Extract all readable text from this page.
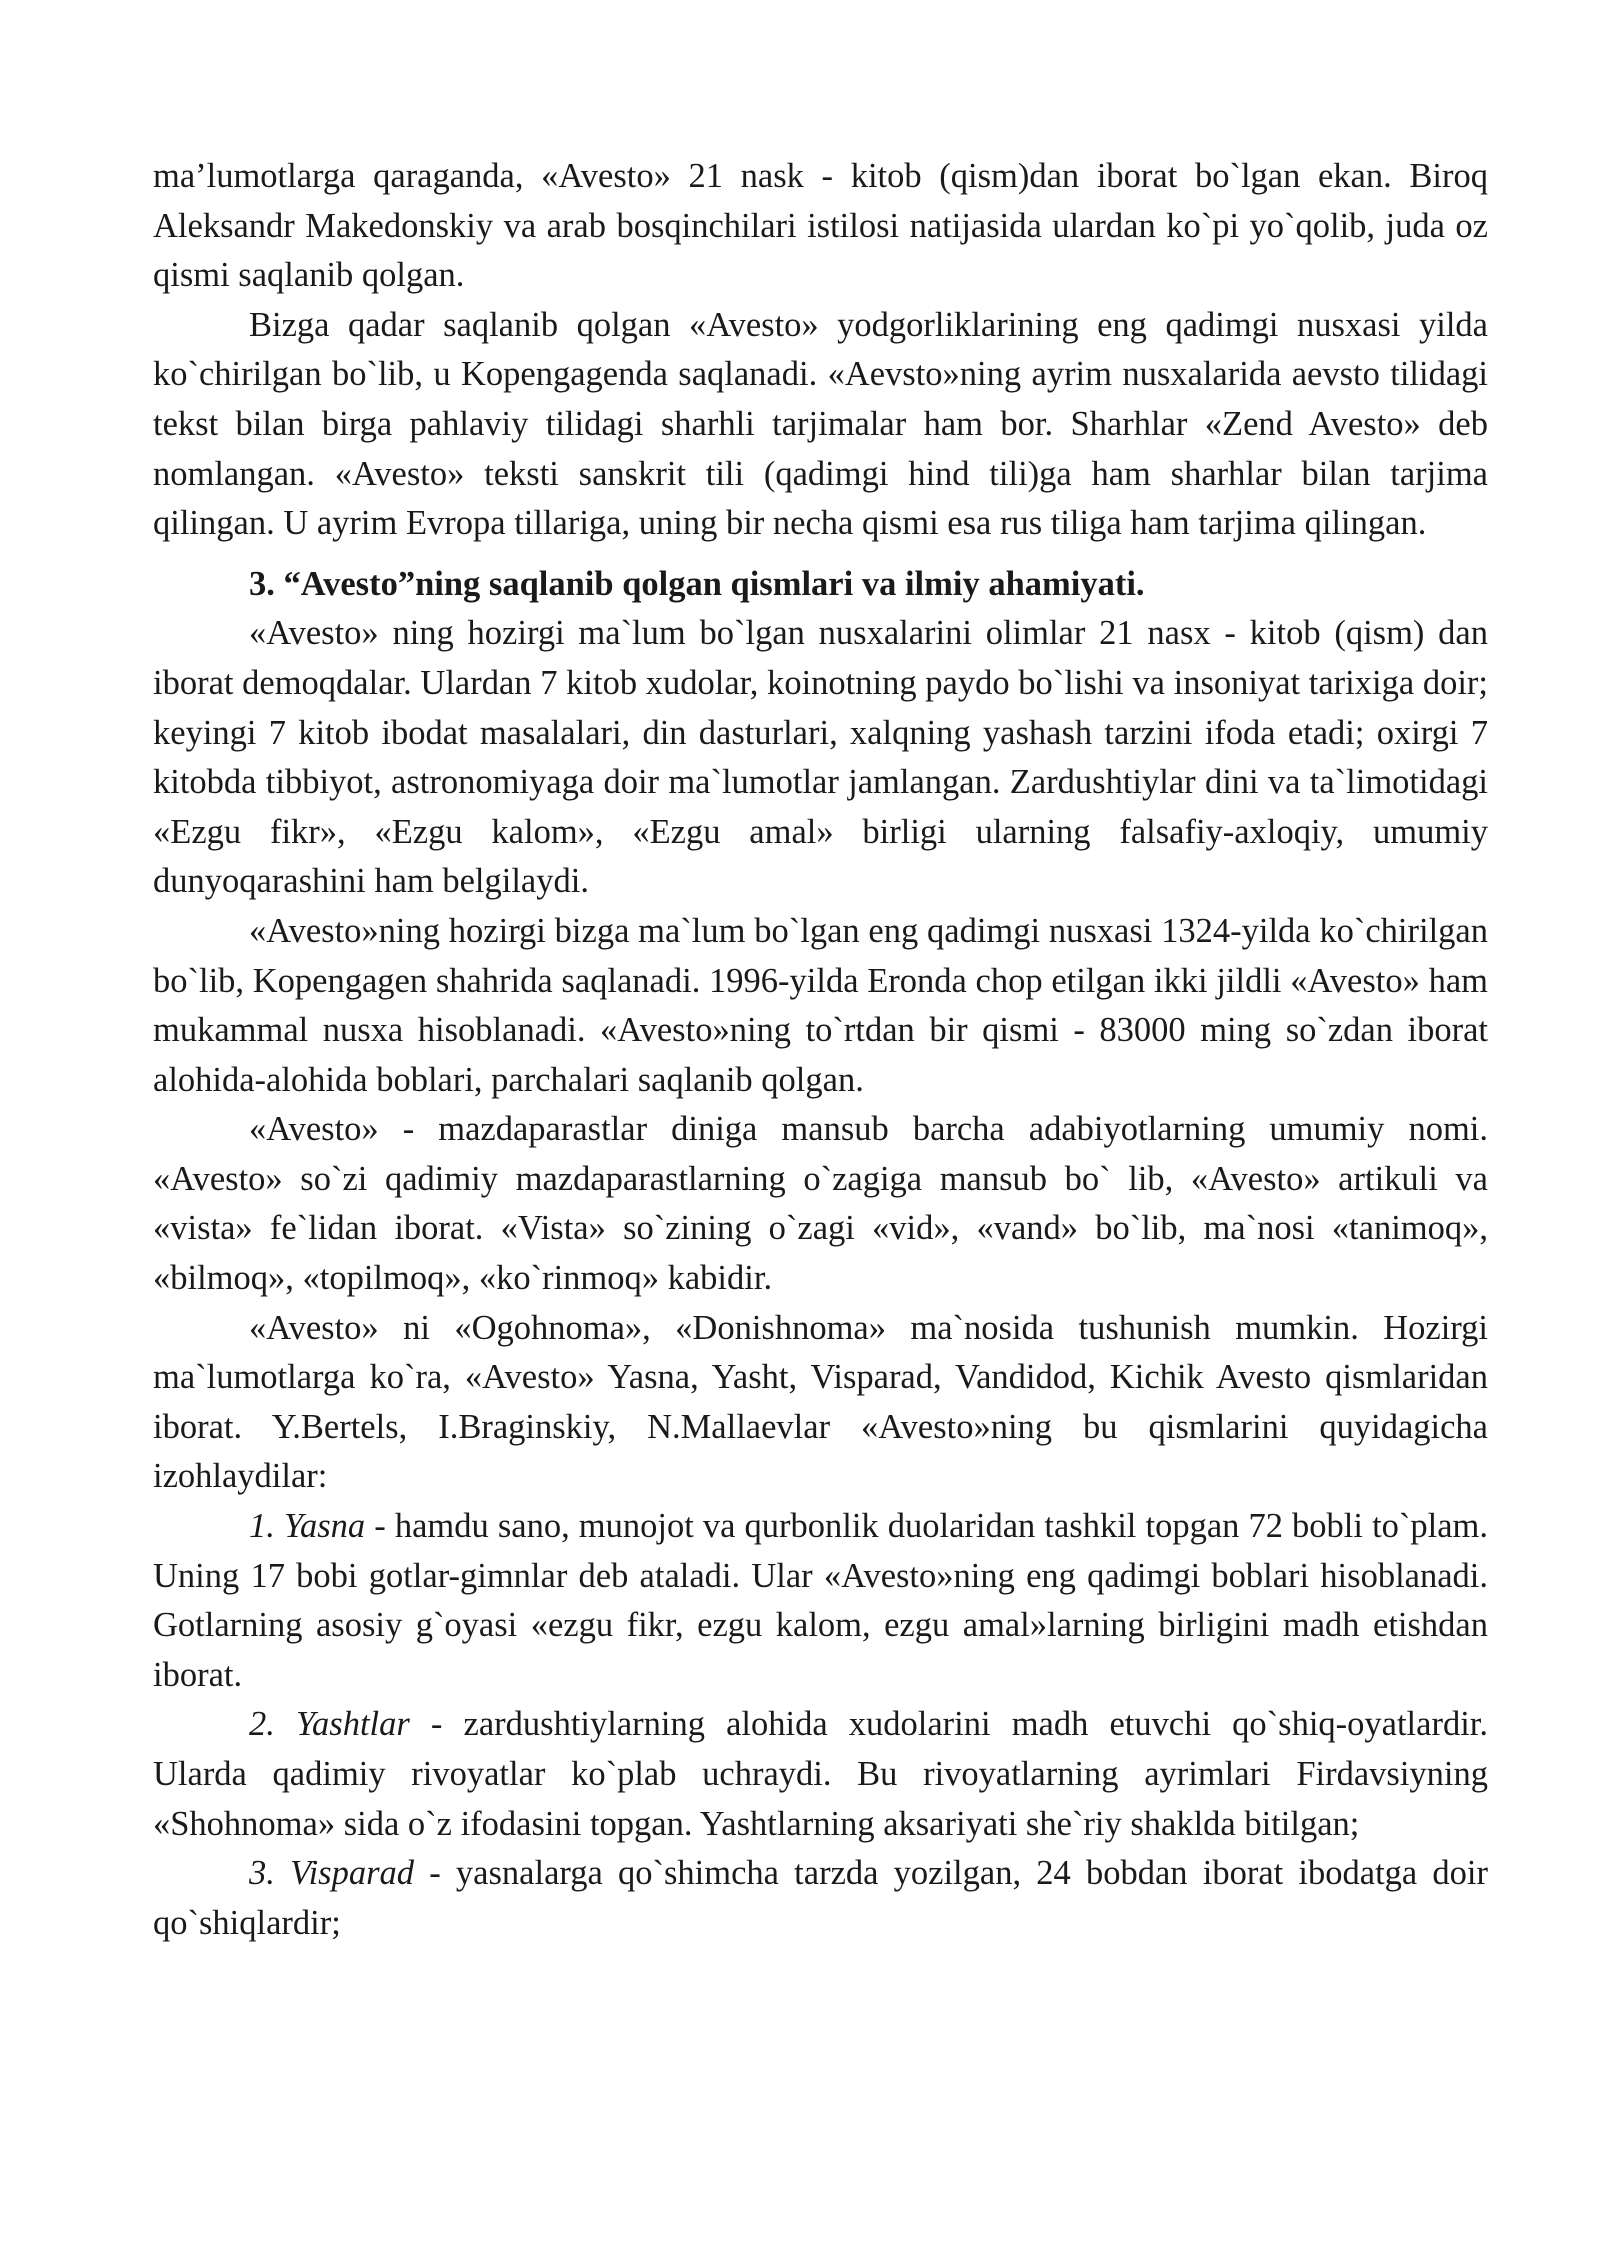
ma’lumotlarga qaraganda, «Avesto» 21 nask - kitob (qism)dan iborat bo`lgan ekan. Biroq Aleksandr Makedonskiy va arab bosqinchilari istilosi natijasida ulardan ko`pi yo`qolib, juda oz qismi saqlanib qolgan.

Bizga qadar saqlanib qolgan «Avesto» yodgorliklarining eng qadimgi nusxasi yilda ko`chirilgan bo`lib, u Kopengagenda saqlanadi. «Aevsto»ning ayrim nusxalarida aevsto tilidagi tekst bilan birga pahlaviy tilidagi sharhli tarjimalar ham bor. Sharhlar «Zend Avesto» deb nomlangan. «Avesto» teksti sanskrit tili (qadimgi hind tili)ga ham sharhlar bilan tarjima qilingan. U ayrim Evropa tillariga, uning bir necha qismi esa rus tiliga ham tarjima qilingan.

3. “Avesto”ning saqlanib qolgan qismlari va ilmiy ahamiyati.

«Avesto» ning hozirgi ma`lum bo`lgan nusxalarini olimlar 21 nasx - kitob (qism) dan iborat demoqdalar. Ulardan 7 kitob xudolar, koinotning paydo bo`lishi va insoniyat tarixiga doir; keyingi 7 kitob ibodat masalalari, din dasturlari, xalqning yashash tarzini ifoda etadi; oxirgi 7 kitobda tibbiyot, astronomiyaga doir ma`lumotlar jamlangan. Zardushtiylar dini va ta`limotidagi «Ezgu fikr», «Ezgu kalom», «Ezgu amal» birligi ularning falsafiy-axloqiy, umumiy dunyoqarashini ham belgilaydi.

«Avesto»ning hozirgi bizga ma`lum bo`lgan eng qadimgi nusxasi 1324-yilda ko`chirilgan bo`lib, Kopengagen shahrida saqlanadi. 1996-yilda Eronda chop etilgan ikki jildli «Avesto» ham mukammal nusxa hisoblanadi. «Avesto»ning to`rtdan bir qismi - 83000 ming so`zdan iborat alohida-alohida boblari, parchalari saqlanib qolgan.

«Avesto» - mazdaparastlar diniga mansub barcha adabiyotlarning umumiy nomi. «Avesto» so`zi qadimiy mazdaparastlarning o`zagiga mansub bo` lib, «Avesto» artikuli va «vista» fe`lidan iborat. «Vista» so`zining o`zagi «vid», «vand» bo`lib, ma`nosi «tanimoq», «bilmoq», «topilmoq», «ko`rinmoq» kabidir.

«Avesto» ni «Ogohnoma», «Donishnoma» ma`nosida tushunish mumkin. Hozirgi ma`lumotlarga ko`ra, «Avesto» Yasna, Yasht, Visparad, Vandidod, Kichik Avesto qismlaridan iborat. Y.Bertels, I.Braginskiy, N.Mallaevlar «Avesto»ning bu qismlarini quyidagicha izohlaydilar:

1. Yasna - hamdu sano, munojot va qurbonlik duolaridan tashkil topgan 72 bobli to`plam. Uning 17 bobi gotlar-gimnlar deb ataladi. Ular «Avesto»ning eng qadimgi boblari hisoblanadi. Gotlarning asosiy g`oyasi «ezgu fikr, ezgu kalom, ezgu amal»larning birligini madh etishdan iborat.

2. Yashtlar - zardushtiylarning alohida xudolarini madh etuvchi qo`shiq-oyatlardir. Ularda qadimiy rivoyatlar ko`plab uchraydi. Bu rivoyatlarning ayrimlari Firdavsiyning «Shohnoma» sida o`z ifodasini topgan. Yashtlarning aksariyati she`riy shaklda bitilgan;

3. Visparad - yasnalarga qo`shimcha tarzda yozilgan, 24 bobdan iborat ibodatga doir qo`shiqlardir;
